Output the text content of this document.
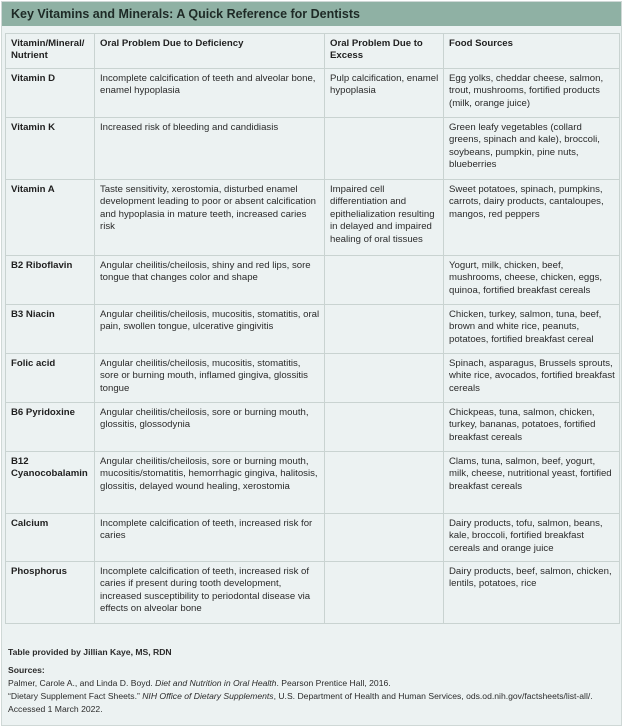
Key Vitamins and Minerals: A Quick Reference for Dentists
Vitamin/Mineral/ Nutrient	Oral Problem Due to Deficiency	Oral Problem Due to Excess	Food Sources
Vitamin D	Incomplete calcification of teeth and alveolar bone, enamel hypoplasia	Pulp calcification, enamel hypoplasia	Egg yolks, cheddar cheese, salmon, trout, mushrooms, fortified products (milk, orange juice)
Vitamin K	Increased risk of bleeding and candidiasis		Green leafy vegetables (collard greens, spinach and kale), broccoli, soybeans, pumpkin, pine nuts, blueberries
Vitamin A	Taste sensitivity, xerostomia, disturbed enamel development leading to poor or absent calcification and hypoplasia in mature teeth, increased caries risk	Impaired cell differentiation and epithelialization resulting in delayed and impaired healing of oral tissues	Sweet potatoes, spinach, pumpkins, carrots, dairy products, cantaloupes, mangos, red peppers
B2 Riboflavin	Angular cheilitis/cheilosis, shiny and red lips, sore tongue that changes color and shape		Yogurt, milk, chicken, beef, mushrooms, cheese, chicken, eggs, quinoa, fortified breakfast cereals
B3 Niacin	Angular cheilitis/cheilosis, mucositis, stomatitis, oral pain, swollen tongue, ulcerative gingivitis		Chicken, turkey, salmon, tuna, beef, brown and white rice, peanuts, potatoes, fortified breakfast cereal
Folic acid	Angular cheilitis/cheilosis, mucositis, stomatitis, sore or burning mouth, inflamed gingiva, glossitis tongue		Spinach, asparagus, Brussels sprouts, white rice, avocados, fortified breakfast cereals
B6 Pyridoxine	Angular cheilitis/cheilosis, sore or burning mouth, glossitis, glossodynia		Chickpeas, tuna, salmon, chicken, turkey, bananas, potatoes, fortified breakfast cereals
B12 Cyanocobalamin	Angular cheilitis/cheilosis, sore or burning mouth, mucositis/stomatitis, hemorrhagic gingiva, halitosis, glossitis, delayed wound healing, xerostomia		Clams, tuna, salmon, beef, yogurt, milk, cheese, nutritional yeast, fortified breakfast cereals
Calcium	Incomplete calcification of teeth, increased risk for caries		Dairy products, tofu, salmon, beans, kale, broccoli, fortified breakfast cereals and orange juice
Phosphorus	Incomplete calcification of teeth, increased risk of caries if present during tooth development, increased susceptibility to periodontal disease via effects on alveolar bone		Dairy products, beef, salmon, chicken, lentils, potatoes, rice
Table provided by Jillian Kaye, MS, RDN
Sources:
Palmer, Carole A., and Linda D. Boyd. Diet and Nutrition in Oral Health. Pearson Prentice Hall, 2016.
“Dietary Supplement Fact Sheets.” NIH Office of Dietary Supplements, U.S. Department of Health and Human Services, ods.od.nih.gov/factsheets/list-all/.
Accessed 1 March 2022.
